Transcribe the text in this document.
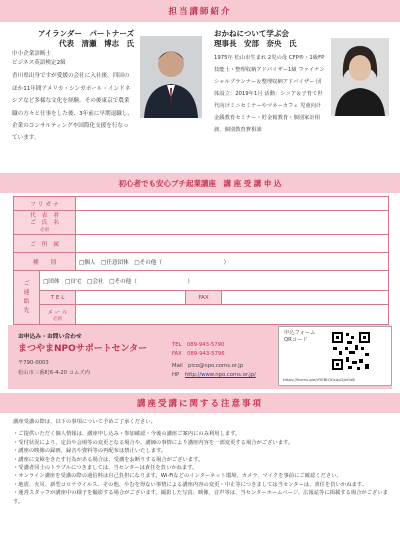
担当講師紹介
アイランダー　パートナーズ
代表　清瀬　博志　氏
中小企業診断士
ビジネス英語検定2級
香川県出身ですが愛媛の会社に入社後、四国のほか11年間アメリカ・シンガポール・インドネシアなど多様な文化を経験。その後東京で農業職の方々と仕事をした後、3年前に早期退職し、企業のコンサルティングや国際化支援を行なっています。
おかねについて学ぶ会
理事長　安部　奈央　氏
1975年 松山市生まれ 2児の母 CFP®・1級FP技能士・整理収納アドバイザー1級 ファイナンシャルプランナー＆整理収納アドバイザー 団体設立：2019年1月 活動：シニア＆子育て世代向けミニセミナーやマネーカフェ 児童向け金銭教育セミナー・貯金箱教育・個別家計相談、個別教育費相談
初心者でも安心プチ起業講座　講 座 受 講 申 込
フ リ ガ ナ				

代　表　者
ご　氏　名
必須				

ご　所　属				
種　　別		□個人　□任意団体　□その他（　　　　　　　　　　　）		
ご
連
絡
先	□団体　□自宅　□会社　□その他（　　　　　　　　　）			
	T E L		FAX	

	メ ー ル
必須			

お申込み・お問い合わせ
まつやまNPOサポートセンター
〒790-0003
松山市三番町6-4-20 コムズ内
TEL　089-943-5790
FAX　089-943-5796
Mail　pico@npo.coms.or.jp
HP http://www.npo.coms.or.jp/
申込フォーム
QRコード
https://forms.gle/rFiEBtQGcqu2jeGd8
講座受講に関する注意事項
講座受講の際は、以下の事項について予めご了承ください。
・ご提供いただく個人情報は、講座申し込み・参加確認・今後の講座ご案内にのみ利用します。
・受付状況により、定員や会場等の変更となる場合や、講師の事情により講座内容を一部変更する場合がございます。
・講座の映像の録画、録音や資料等の再配布は禁止いたします。
・講座に支障をきたす行為がある場合は、受講をお断りする場合がございます。
・受講者同士のトラブルにつきましては、当センターは責任を負いかねます。
・オンライン講座を受講の際の通信料は自己負担になります。Wi-Fiなどのインターネット環境、カメラ、マイクを事前にご確認ください。
・地震、火災、新型コロナウイルス、その他、やむを得ない事情による講座内容の変更・中止等につきましては当センターは、責任を負いかねます。
・運営スタッフが講座中の様子を撮影する場合がございます。撮影した写真、映像、音声等は、当センターホームページ、広報誌等に掲載する場合がございます。
